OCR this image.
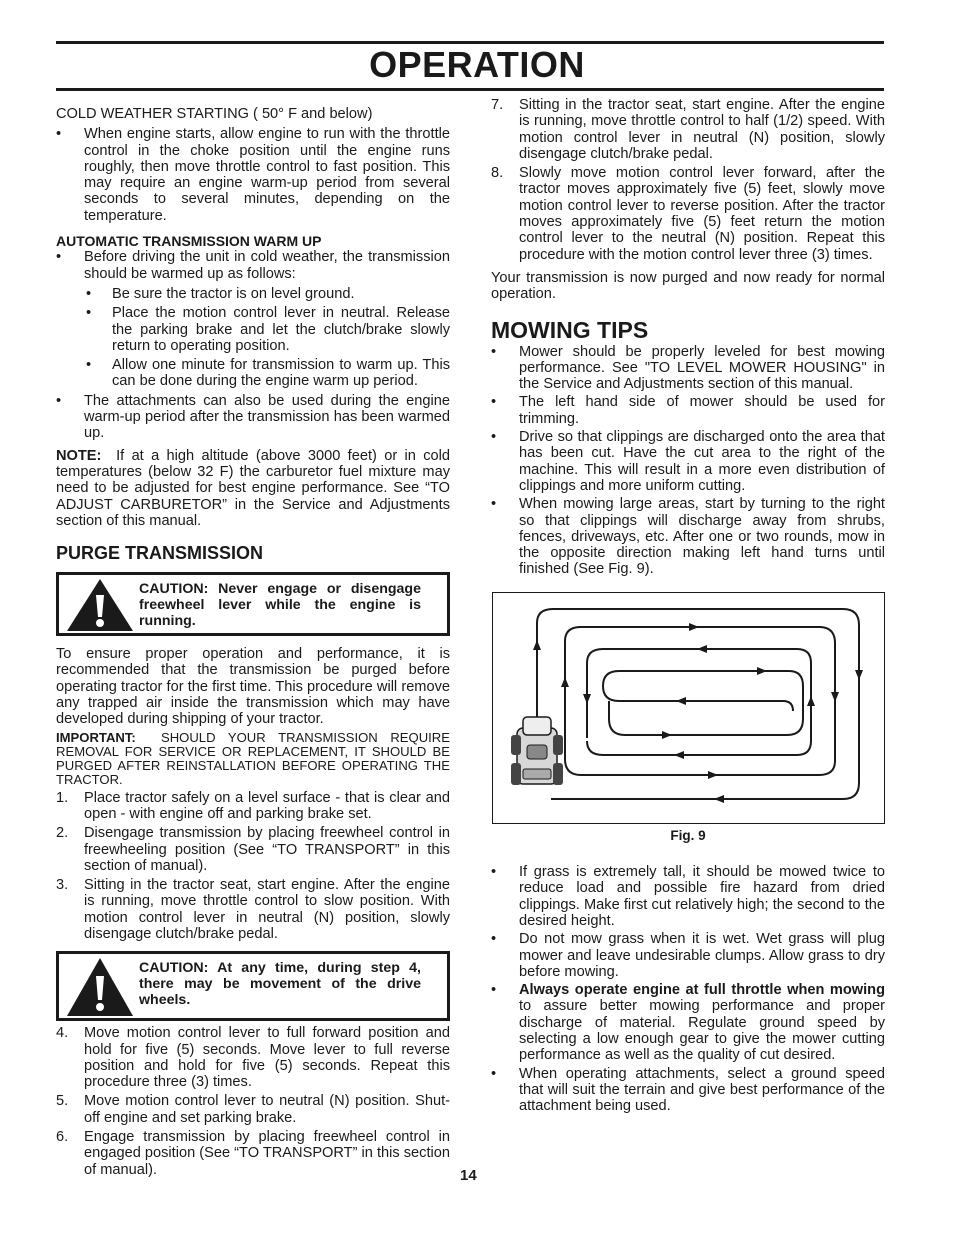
OPERATION

COLD WEATHER STARTING ( 50° F and below)

• When engine starts, allow engine to run with the throttle control in the choke position until the engine runs roughly, then move throttle control to fast position. This may require an engine warm-up period from several seconds to several minutes, depending on the temperature.

AUTOMATIC TRANSMISSION WARM UP

• Before driving the unit in cold weather, the transmission should be warmed up as follows:
• Be sure the tractor is on level ground.
• Place the motion control lever in neutral. Release the parking brake and let the clutch/brake slowly return to operating position.
• Allow one minute for transmission to warm up. This can be done during the engine warm up period.
• The attachments can also be used during the engine warm-up period after the transmission has been warmed up.

NOTE: If at a high altitude (above 3000 feet) or in cold temperatures (below 32 F) the carburetor fuel mixture may need to be adjusted for best engine performance. See “TO ADJUST CARBURETOR” in the Service and Adjustments section of this manual.

PURGE TRANSMISSION

CAUTION: Never engage or disengage freewheel lever while the engine is running.

To ensure proper operation and performance, it is recommended that the transmission be purged before operating tractor for the first time. This procedure will remove any trapped air inside the transmission which may have developed during shipping of your tractor.

IMPORTANT: SHOULD YOUR TRANSMISSION REQUIRE REMOVAL FOR SERVICE OR REPLACEMENT, IT SHOULD BE PURGED AFTER REINSTALLATION BEFORE OPERATING THE TRACTOR.

1. Place tractor safely on a level surface - that is clear and open - with engine off and parking brake set.
2. Disengage transmission by placing freewheel control in freewheeling position (See “TO TRANSPORT” in this section of manual).
3. Sitting in the tractor seat, start engine. After the engine is running, move throttle control to slow position. With motion control lever in neutral (N) position, slowly disengage clutch/brake pedal.
CAUTION: At any time, during step 4, there may be movement of the drive wheels.
4. Move motion control lever to full forward position and hold for five (5) seconds. Move lever to full reverse position and hold for five (5) seconds. Repeat this procedure three (3) times.
5. Move motion control lever to neutral (N) position. Shut-off engine and set parking brake.
6. Engage transmission by placing freewheel control in engaged position (See “TO TRANSPORT” in this section of manual).
7. Sitting in the tractor seat, start engine. After the engine is running, move throttle control to half (1/2) speed. With motion control lever in neutral (N) position, slowly disengage clutch/brake pedal.
8. Slowly move motion control lever forward, after the tractor moves approximately five (5) feet, slowly move motion control lever to reverse position. After the tractor moves approximately five (5) feet return the motion control lever to the neutral (N) position. Repeat this procedure with the motion control lever three (3) times.

Your transmission is now purged and now ready for normal operation.

MOWING TIPS

• Mower should be properly leveled for best mowing performance. See "TO LEVEL MOWER HOUSING" in the Service and Adjustments section of this manual.
• The left hand side of mower should be used for trimming.
• Drive so that clippings are discharged onto the area that has been cut. Have the cut area to the right of the machine. This will result in a more even distribution of clippings and more uniform cutting.
• When mowing large areas, start by turning to the right so that clippings will discharge away from shrubs, fences, driveways, etc. After one or two rounds, mow in the opposite direction making left hand turns until finished (See Fig. 9).

Fig. 9

• If grass is extremely tall, it should be mowed twice to reduce load and possible fire hazard from dried clippings. Make first cut relatively high; the second to the desired height.
• Do not mow grass when it is wet. Wet grass will plug mower and leave undesirable clumps. Allow grass to dry before mowing.
• Always operate engine at full throttle when mowing to assure better mowing performance and proper discharge of material. Regulate ground speed by selecting a low enough gear to give the mower cutting performance as well as the quality of cut desired.
• When operating attachments, select a ground speed that will suit the terrain and give best performance of the attachment being used.
14
